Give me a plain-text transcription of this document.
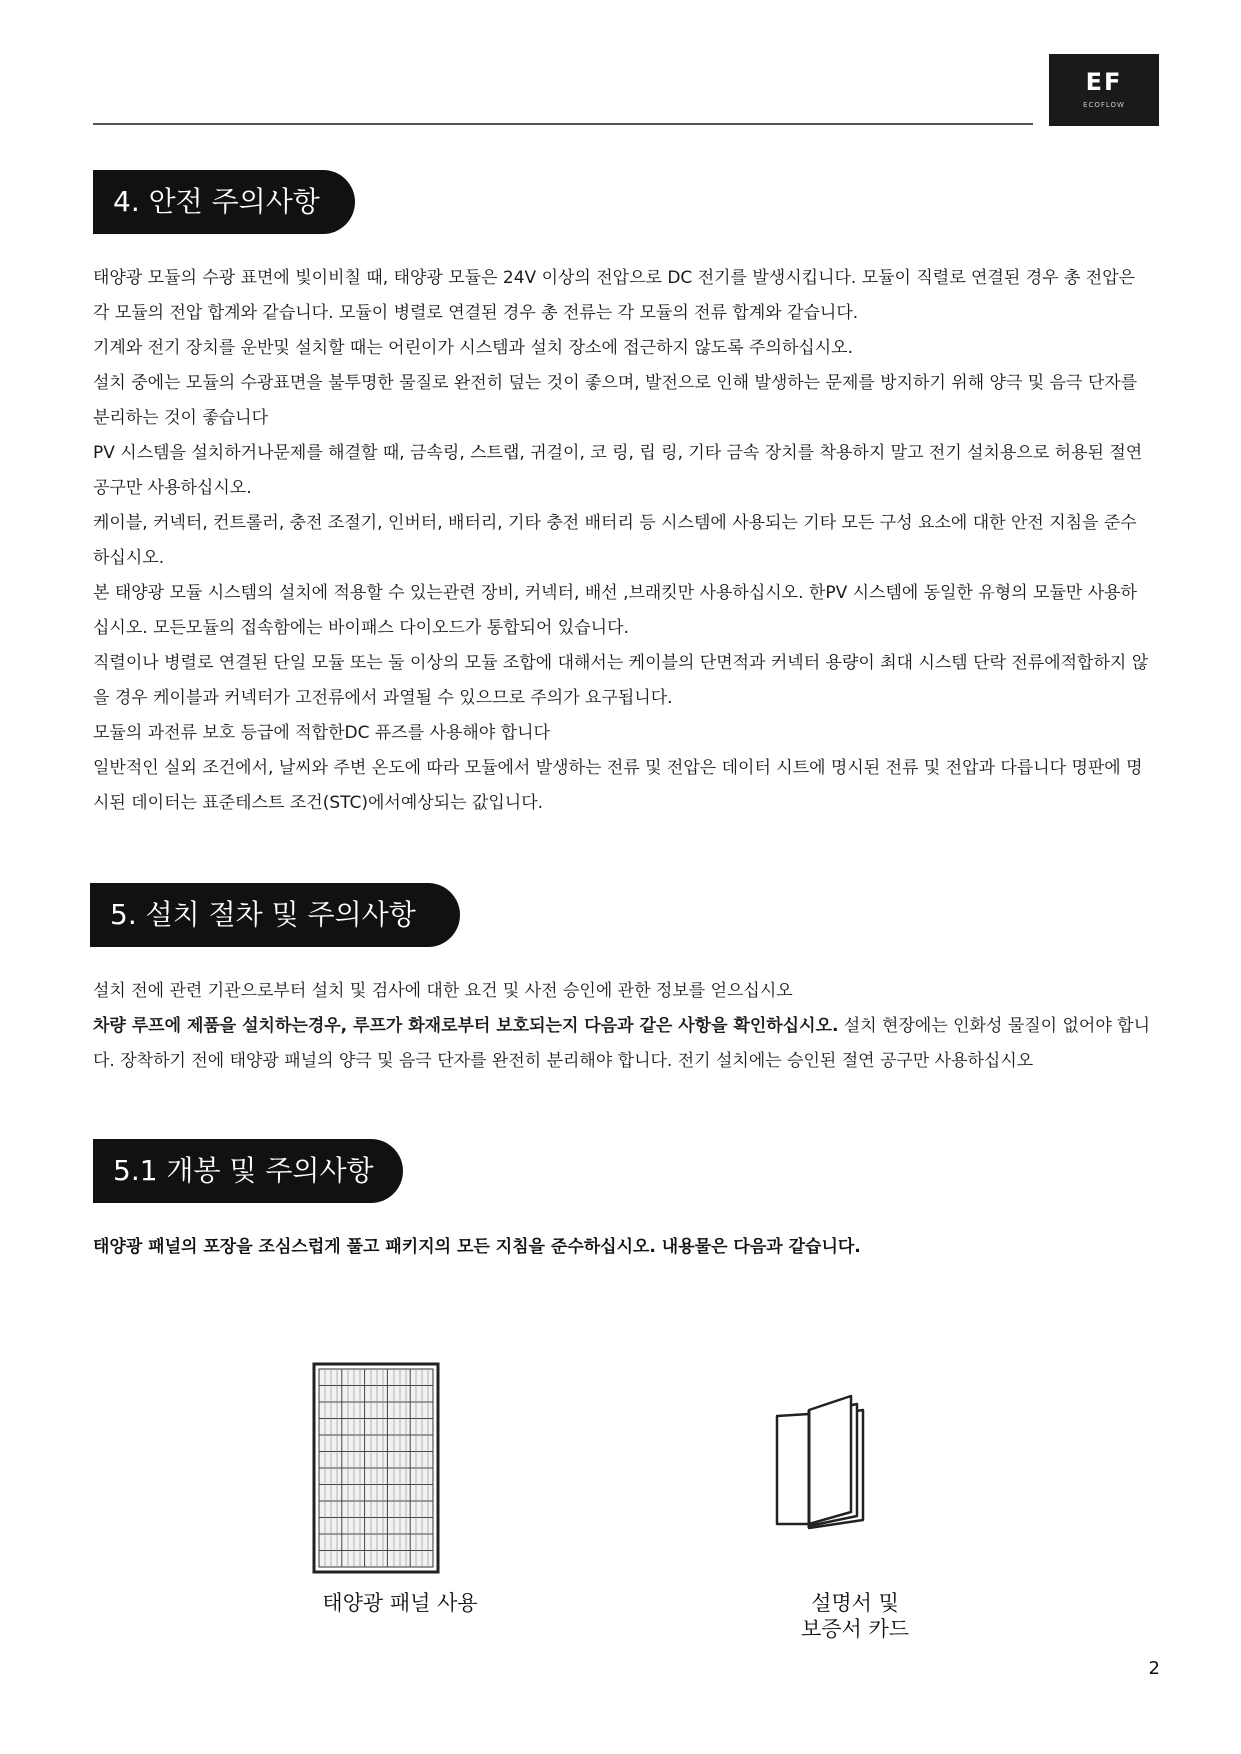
EF
ECOFLOW
4. 안전 주의사항

태양광 모듈의 수광 표면에 빛이비칠 때, 태양광 모듈은 24V 이상의 전압으로 DC 전기를 발생시킵니다. 모듈이 직렬로 연결된 경우 총 전압은 각 모듈의 전압 합계와 같습니다. 모듈이 병렬로 연결된 경우 총 전류는 각 모듈의 전류 합계와 같습니다.

기계와 전기 장치를 운반및 설치할 때는 어린이가 시스템과 설치 장소에 접근하지 않도록 주의하십시오.

설치 중에는 모듈의 수광표면을 불투명한 물질로 완전히 덮는 것이 좋으며, 발전으로 인해 발생하는 문제를 방지하기 위해 양극 및 음극 단자를 분리하는 것이 좋습니다

PV 시스템을 설치하거나문제를 해결할 때, 금속링, 스트랩, 귀걸이, 코 링, 립 링, 기타 금속 장치를 착용하지 말고 전기 설치용으로 허용된 절연 공구만 사용하십시오.

케이블, 커넥터, 컨트롤러, 충전 조절기, 인버터, 배터리, 기타 충전 배터리 등 시스템에 사용되는 기타 모든 구성 요소에 대한 안전 지침을 준수하십시오.

본 태양광 모듈 시스템의 설치에 적용할 수 있는관련 장비, 커넥터, 배선 ,브래킷만 사용하십시오. 한PV 시스템에 동일한 유형의 모듈만 사용하십시오. 모든모듈의 접속함에는 바이패스 다이오드가 통합되어 있습니다.

직렬이나 병렬로 연결된 단일 모듈 또는 둘 이상의 모듈 조합에 대해서는 케이블의 단면적과 커넥터 용량이 최대 시스템 단락 전류에적합하지 않을 경우 케이블과 커넥터가 고전류에서 과열될 수 있으므로 주의가 요구됩니다.

모듈의 과전류 보호 등급에 적합한DC 퓨즈를 사용해야 합니다

일반적인 실외 조건에서, 날씨와 주변 온도에 따라 모듈에서 발생하는 전류 및 전압은 데이터 시트에 명시된 전류 및 전압과 다릅니다 명판에 명시된 데이터는 표준테스트 조건(STC)에서예상되는 값입니다.

5. 설치 절차 및 주의사항

설치 전에 관련 기관으로부터 설치 및 검사에 대한 요건 및 사전 승인에 관한 정보를 얻으십시오

차량 루프에 제품을 설치하는경우, 루프가 화재로부터 보호되는지 다음과 같은 사항을 확인하십시오. 설치 현장에는 인화성 물질이 없어야 합니다. 장착하기 전에 태양광 패널의 양극 및 음극 단자를 완전히 분리해야 합니다. 전기 설치에는 승인된 절연 공구만 사용하십시오

5.1 개봉 및 주의사항

태양광 패널의 포장을 조심스럽게 풀고 패키지의 모든 지침을 준수하십시오. 내용물은 다음과 같습니다.

태양광 패널 사용	설명서 및
보증서 카드
2
